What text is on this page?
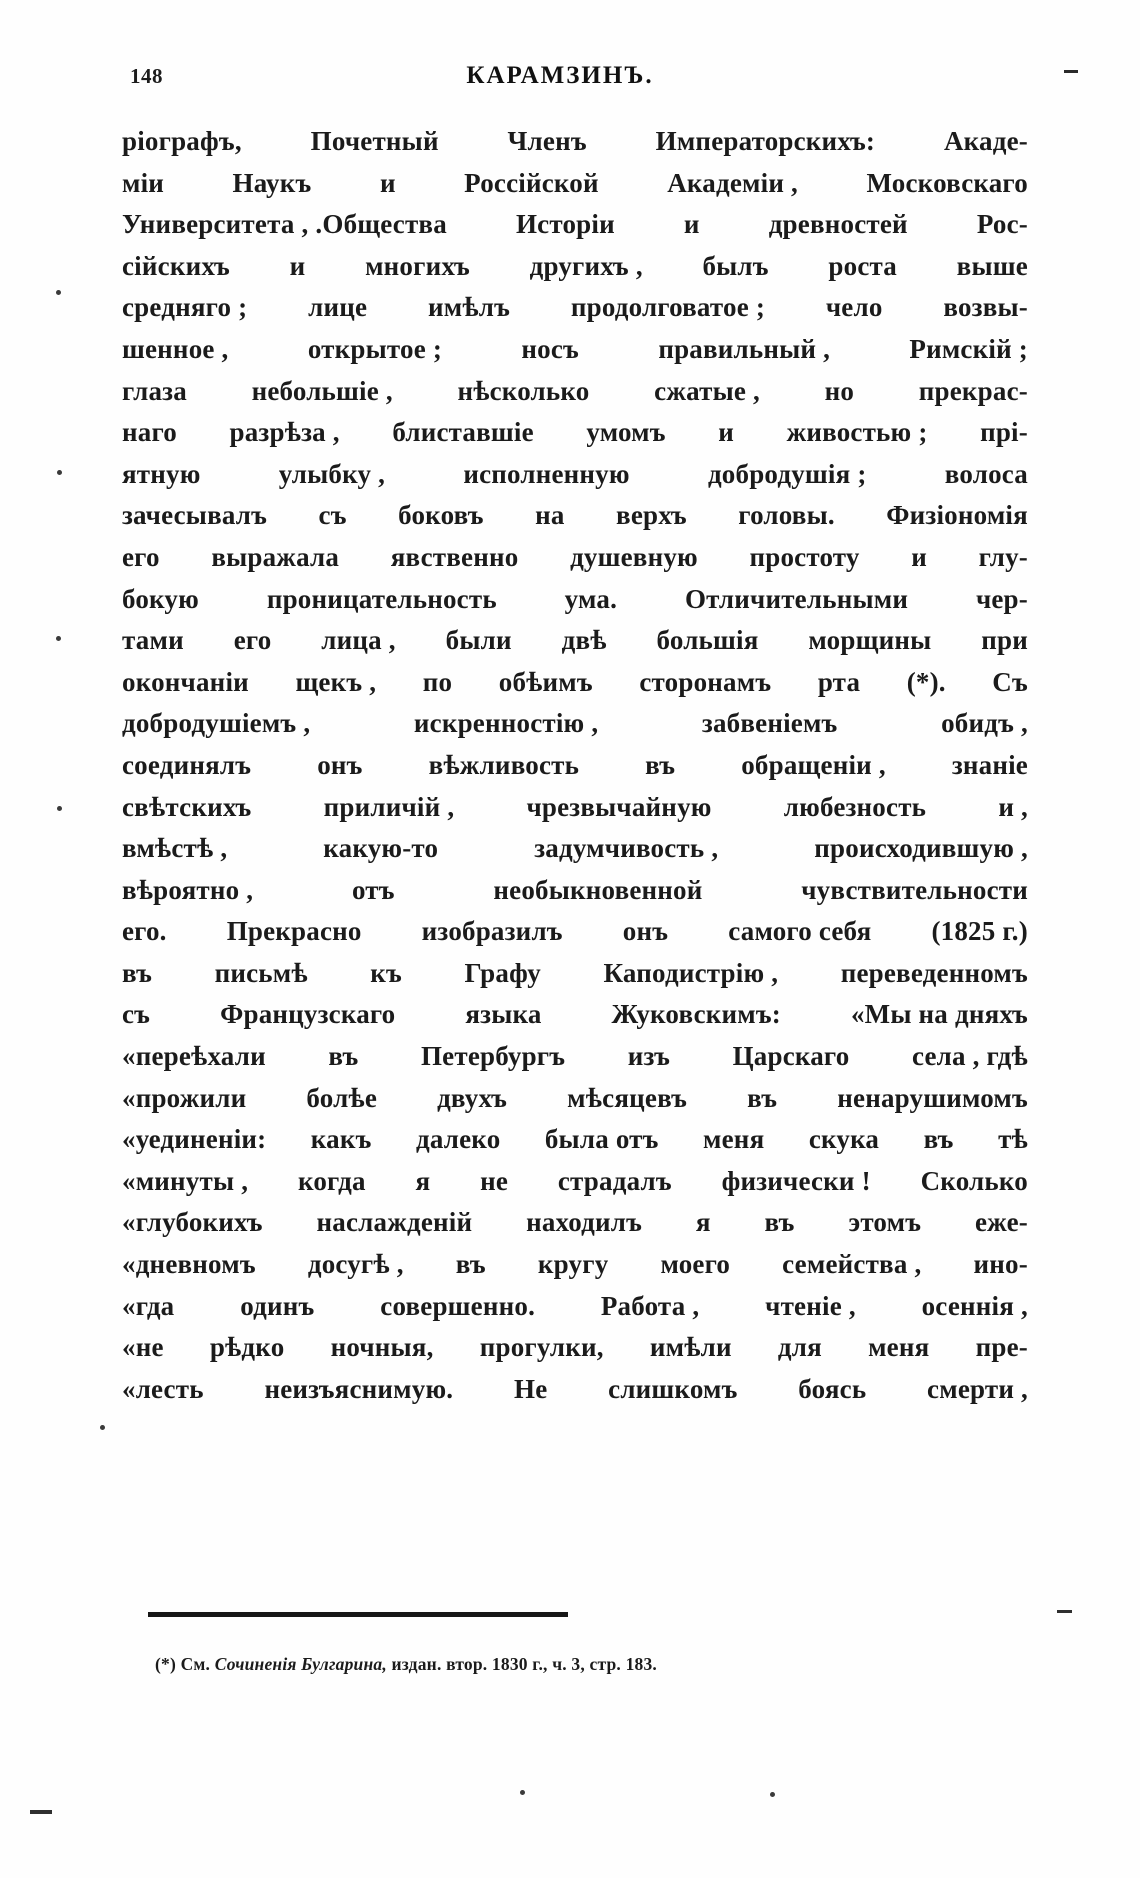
148	КАРАМЗИНЪ.
ріографъ,	Почетный	Членъ	Императорскихъ:	Акаде-
мiи	Наукъ	и	Россiйской	Академiи ,	Московскаго
Университета , .Общества	Исторiи	и	древностей	Рос-
сiйскихъ и многихъ другихъ , былъ роста выше
средняго ; лице имѣлъ продолговатое ; чело возвы-
шенное ,	открытое ;	носъ	правильный ,	Римскiй ;
глаза небольшiе , нѣсколько сжатые , но прекрас-
наго разрѣза , блиставшiе умомъ и живостью ; прi-
ятную	улыбку ,	исполненную	добродушiя ;	волоса
зачесывалъ съ боковъ на верхъ головы. Физiономiя
его выражала явственно душевную простоту и глу-
бокую	проницательность	ума.	Отличительными	чер-
тами его лица , были двѣ большiя морщины при
окончанiи щекъ , по обѣимъ сторонамъ рта (*). Съ
добродушiемъ ,	искренностiю ,	забвенiемъ	обидъ ,
соединялъ онъ вѣжливость въ обращенiи , знанiе
свѣтскихъ	приличiй ,	чрезвычайную	любезность	и ,
вмѣстѣ ,	какую-то	задумчивость ,	происходившую ,
вѣроятно ,	отъ	необыкновенной	чувствительности
его. Прекрасно изобразилъ онъ самого себя (1825 г.)
въ письмѣ къ Графу Каподистрiю , переведенномъ
съ	Французскаго	языка	Жуковскимъ:	«Мы на дняхъ
«переѣхали въ Петербургъ изъ Царскаго села , гдѣ
«прожили болѣе двухъ мѣсяцевъ въ ненарушимомъ
«уединенiи: какъ далеко была отъ меня скука въ тѣ
«минуты , когда я не страдалъ физически ! Сколько
«глубокихъ наслажденiй находилъ я въ этомъ еже-
«дневномъ досугѣ , въ кругу моего семейства , ино-
«гда одинъ совершенно. Работа , чтенiе , осеннiя ,
«не рѣдко ночныя, прогулки, имѣли для меня пре-
«лесть неизъяснимую. Не слишкомъ боясь смерти ,
(*) См. Сочиненiя Булгарина, издан. втор. 1830 г., ч. 3, стр. 183.
